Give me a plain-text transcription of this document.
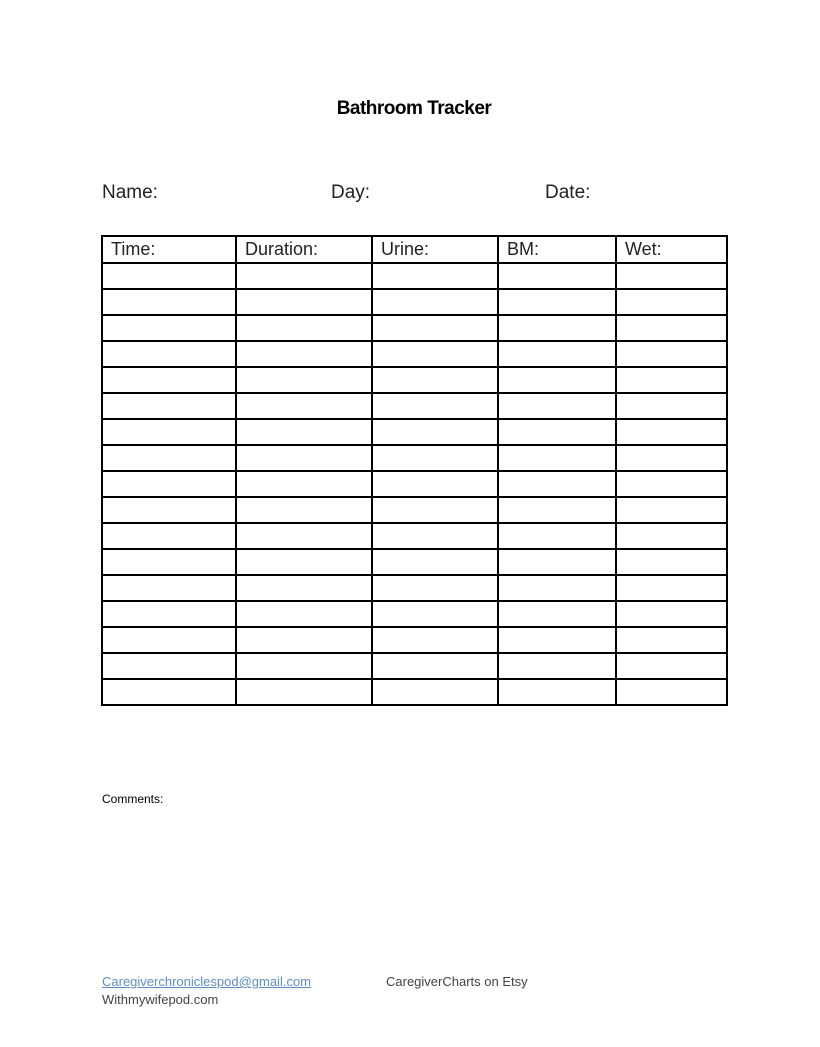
Bathroom Tracker
Name:	Day:	Date:
Time:	Duration:	Urine:	BM:	Wet:

Comments:
Caregiverchroniclespod@gmail.com	CaregiverCharts on Etsy
Withmywifepod.com
